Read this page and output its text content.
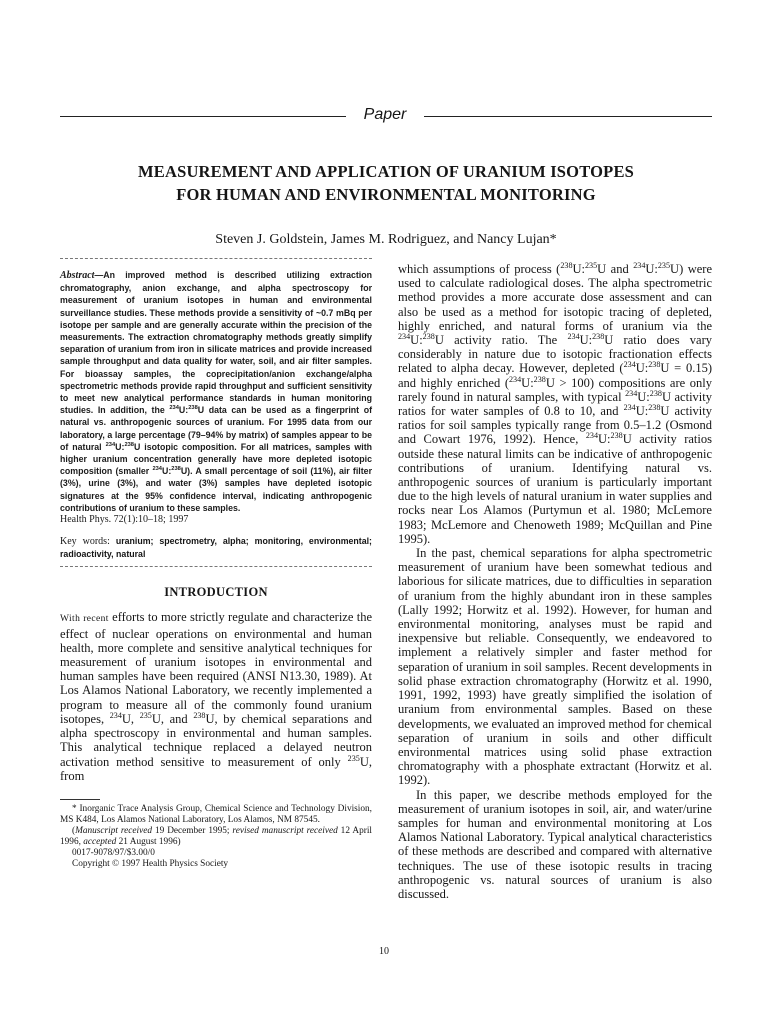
Paper
MEASUREMENT AND APPLICATION OF URANIUM ISOTOPES
FOR HUMAN AND ENVIRONMENTAL MONITORING
Steven J. Goldstein, James M. Rodriguez, and Nancy Lujan*

Abstract—An improved method is described utilizing extraction chromatography, anion exchange, and alpha spectroscopy for measurement of uranium isotopes in human and environmental surveillance studies. These methods provide a sensitivity of ~0.7 mBq per isotope per sample and are generally accurate within the precision of the measurements. The extraction chromatography methods greatly simplify separation of uranium from iron in silicate matrices and provide increased sample throughput and data quality for water, soil, and air filter samples. For bioassay samples, the coprecipitation/anion exchange/alpha spectrometric methods provide rapid throughput and sufficient sensitivity to meet new analytical performance standards in human monitoring studies. In addition, the $^{234}$U:$^{238}$U data can be used as a fingerprint of natural vs. anthropogenic sources of uranium. For 1995 data from our laboratory, a large percentage (79–94% by matrix) of samples appear to be of natural $^{234}$U:$^{238}$U isotopic composition. For all matrices, samples with higher uranium concentration generally have more depleted isotopic composition (smaller $^{234}$U:$^{238}$U). A small percentage of soil (11%), air filter (3%), urine (3%), and water (3%) samples have depleted isotopic signatures at the 95% confidence interval, indicating anthropogenic contributions of uranium to these samples.
Health Phys. 72(1):10–18; 1997

Key words: uranium; spectrometry, alpha; monitoring, environmental; radioactivity, natural

INTRODUCTION

With recent efforts to more strictly regulate and characterize the effect of nuclear operations on environmental and human health, more complete and sensitive analytical techniques for measurement of uranium isotopes in environmental and human samples have been required (ANSI N13.30, 1989). At Los Alamos National Laboratory, we recently implemented a program to measure all of the commonly found uranium isotopes, $^{234}$U, $^{235}$U, and $^{238}$U, by chemical separations and alpha spectroscopy in environmental and human samples. This analytical technique replaced a delayed neutron activation method sensitive to measurement of only $^{235}$U, from

* Inorganic Trace Analysis Group, Chemical Science and Technology Division, MS K484, Los Alamos National Laboratory, Los Alamos, NM 87545.

(Manuscript received 19 December 1995; revised manuscript received 12 April 1996, accepted 21 August 1996)

0017-9078/97/$3.00/0

Copyright © 1997 Health Physics Society

which assumptions of process ($^{238}$U:$^{235}$U and $^{234}$U:$^{235}$U) were used to calculate radiological doses. The alpha spectrometric method provides a more accurate dose assessment and can also be used as a method for isotopic tracing of depleted, highly enriched, and natural forms of uranium via the $^{234}$U:$^{238}$U activity ratio. The $^{234}$U:$^{238}$U ratio does vary considerably in nature due to isotopic fractionation effects related to alpha decay. However, depleted ($^{234}$U:$^{238}$U = 0.15) and highly enriched ($^{234}$U:$^{238}$U > 100) compositions are only rarely found in natural samples, with typical $^{234}$U:$^{238}$U activity ratios for water samples of 0.8 to 10, and $^{234}$U:$^{238}$U activity ratios for soil samples typically range from 0.5–1.2 (Osmond and Cowart 1976, 1992). Hence, $^{234}$U:$^{238}$U activity ratios outside these natural limits can be indicative of anthropogenic contributions of uranium. Identifying natural vs. anthropogenic sources of uranium is particularly important due to the high levels of natural uranium in water supplies and rocks near Los Alamos (Purtymun et al. 1980; McLemore 1983; McLemore and Chenoweth 1989; McQuillan and Pine 1995).

In the past, chemical separations for alpha spectrometric measurement of uranium have been somewhat tedious and laborious for silicate matrices, due to difficulties in separation of uranium from the highly abundant iron in these samples (Lally 1992; Horwitz et al. 1992). However, for human and environmental monitoring, analyses must be rapid and inexpensive but reliable. Consequently, we endeavored to implement a relatively simpler and faster method for separation of uranium in soil samples. Recent developments in solid phase extraction chromatography (Horwitz et al. 1990, 1991, 1992, 1993) have greatly simplified the isolation of uranium from environmental samples. Based on these developments, we evaluated an improved method for chemical separation of uranium in soils and other difficult environmental matrices using solid phase extraction chromatography with a phosphate extractant (Horwitz et al. 1992).

In this paper, we describe methods employed for the measurement of uranium isotopes in soil, air, and water/urine samples for human and environmental monitoring at Los Alamos National Laboratory. Typical analytical characteristics of these methods are described and compared with alternative techniques. The use of these isotopic results in tracing anthropogenic vs. natural sources of uranium is also discussed.

10
